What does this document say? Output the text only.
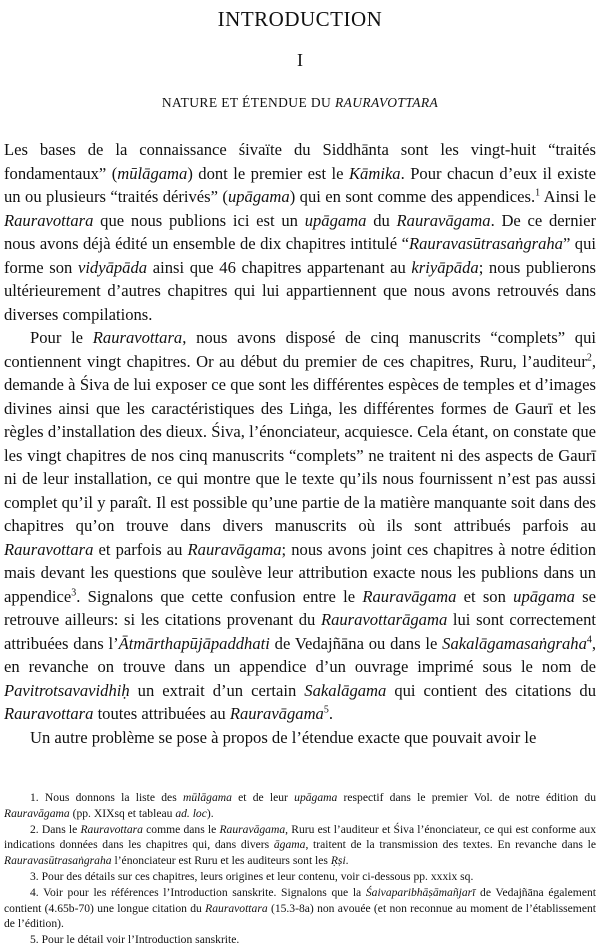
INTRODUCTION
I
NATURE ET ÉTENDUE DU RAURAVOTTARA

Les bases de la connaissance śivaïte du Siddhānta sont les vingt-huit “traités fondamentaux” (mūlāgama) dont le premier est le Kāmika. Pour chacun d’eux il existe un ou plusieurs “traités dérivés” (upāgama) qui en sont comme des appendices.$^1$ Ainsi le Rauravottara que nous publions ici est un upāgama du Rauravāgama. De ce dernier nous avons déjà édité un ensemble de dix chapitres intitulé “Rauravasūtrasaṅgraha” qui forme son vidyāpāda ainsi que 46 chapitres appartenant au kriyāpāda; nous publierons ultérieurement d’autres chapitres qui lui appartiennent que nous avons retrouvés dans diverses compilations.

Pour le Rauravottara, nous avons disposé de cinq manuscrits “complets” qui contiennent vingt chapitres. Or au début du premier de ces chapitres, Ruru, l’auditeur$^2$, demande à Śiva de lui exposer ce que sont les différentes espèces de temples et d’images divines ainsi que les caractéristiques des Liṅga, les différentes formes de Gaurī et les règles d’installation des dieux. Śiva, l’énonciateur, acquiesce. Cela étant, on constate que les vingt chapitres de nos cinq manuscrits “complets” ne traitent ni des aspects de Gaurī ni de leur installation, ce qui montre que le texte qu’ils nous fournissent n’est pas aussi complet qu’il y paraît. Il est possible qu’une partie de la matière manquante soit dans des chapitres qu’on trouve dans divers manuscrits où ils sont attribués parfois au Rauravottara et parfois au Rauravāgama; nous avons joint ces chapitres à notre édition mais devant les questions que soulève leur attribution exacte nous les publions dans un appendice$^3$. Signalons que cette confusion entre le Rauravāgama et son upāgama se retrouve ailleurs: si les citations provenant du Rauravottarāgama lui sont correctement attribuées dans l’Ātmārthapūjāpaddhati de Vedajñāna ou dans le Sakalāgamasaṅgraha$^4$, en revanche on trouve dans un appendice d’un ouvrage imprimé sous le nom de Pavitrotsavavidhiḥ un extrait d’un certain Sakalāgama qui contient des citations du Rauravottara toutes attribuées au Rauravāgama$^5$.

Un autre problème se pose à propos de l’étendue exacte que pouvait avoir le

1. Nous donnons la liste des mūlāgama et de leur upāgama respectif dans le premier Vol. de notre édition du Rauravāgama (pp. XIXsq et tableau ad. loc).

2. Dans le Rauravottara comme dans le Rauravāgama, Ruru est l’auditeur et Śiva l’énonciateur, ce qui est conforme aux indications données dans les chapitres qui, dans divers āgama, traitent de la transmission des textes. En revanche dans le Rauravasūtrasaṅgraha l’énonciateur est Ruru et les auditeurs sont les Ṛṣi.

3. Pour des détails sur ces chapitres, leurs origines et leur contenu, voir ci-dessous pp. xxxix sq.

4. Voir pour les références l’Introduction sanskrite. Signalons que la Śaivaparibhāṣāmañjarī de Vedajñāna également contient (4.65b-70) une longue citation du Rauravottara (15.3-8a) non avouée (et non reconnue au moment de l’établissement de l’édition).

5. Pour le détail voir l’Introduction sanskrite.
